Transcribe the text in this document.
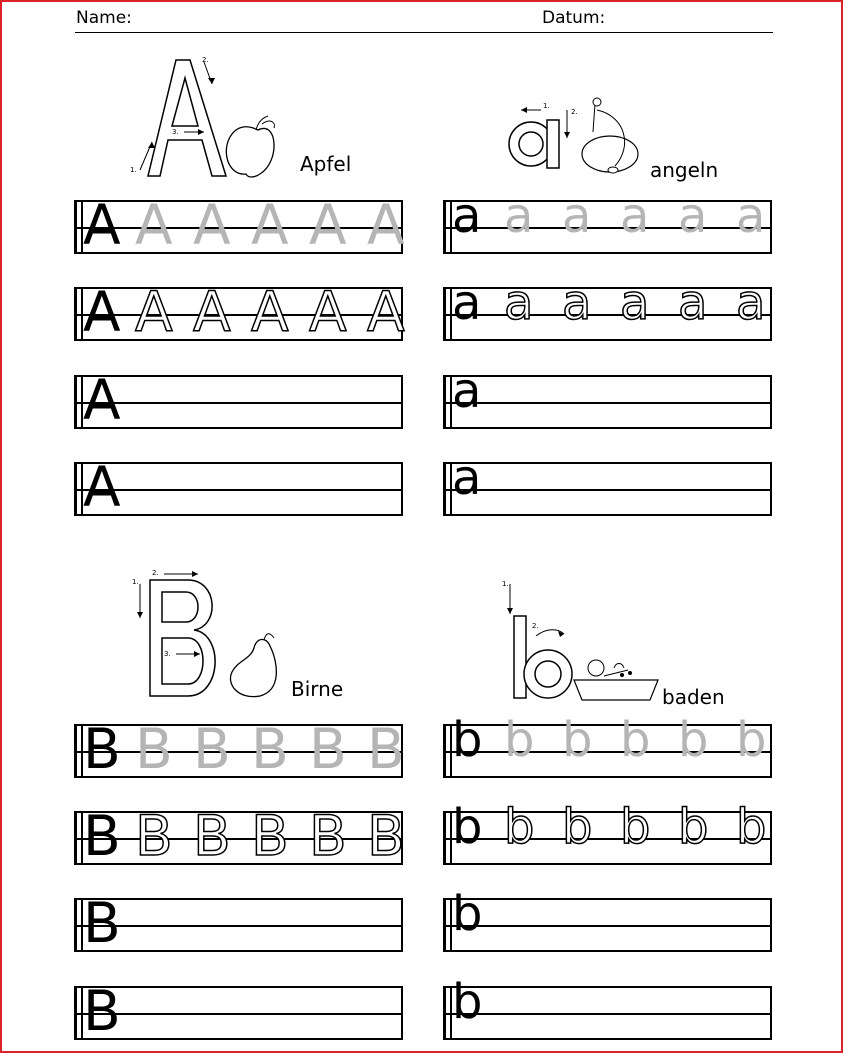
Name:	Datum:
1.
2.
3.
Apfel
1.
2.
angeln
1.
2.
3.
Birne
1.
2.
baden
A A A A A A
A A A A A A
A
A
a a a a a a
a a a a a a
a
a
B B B B B B
B B B B B B
B
B
b b b b b b
b b b b b b
b
b
